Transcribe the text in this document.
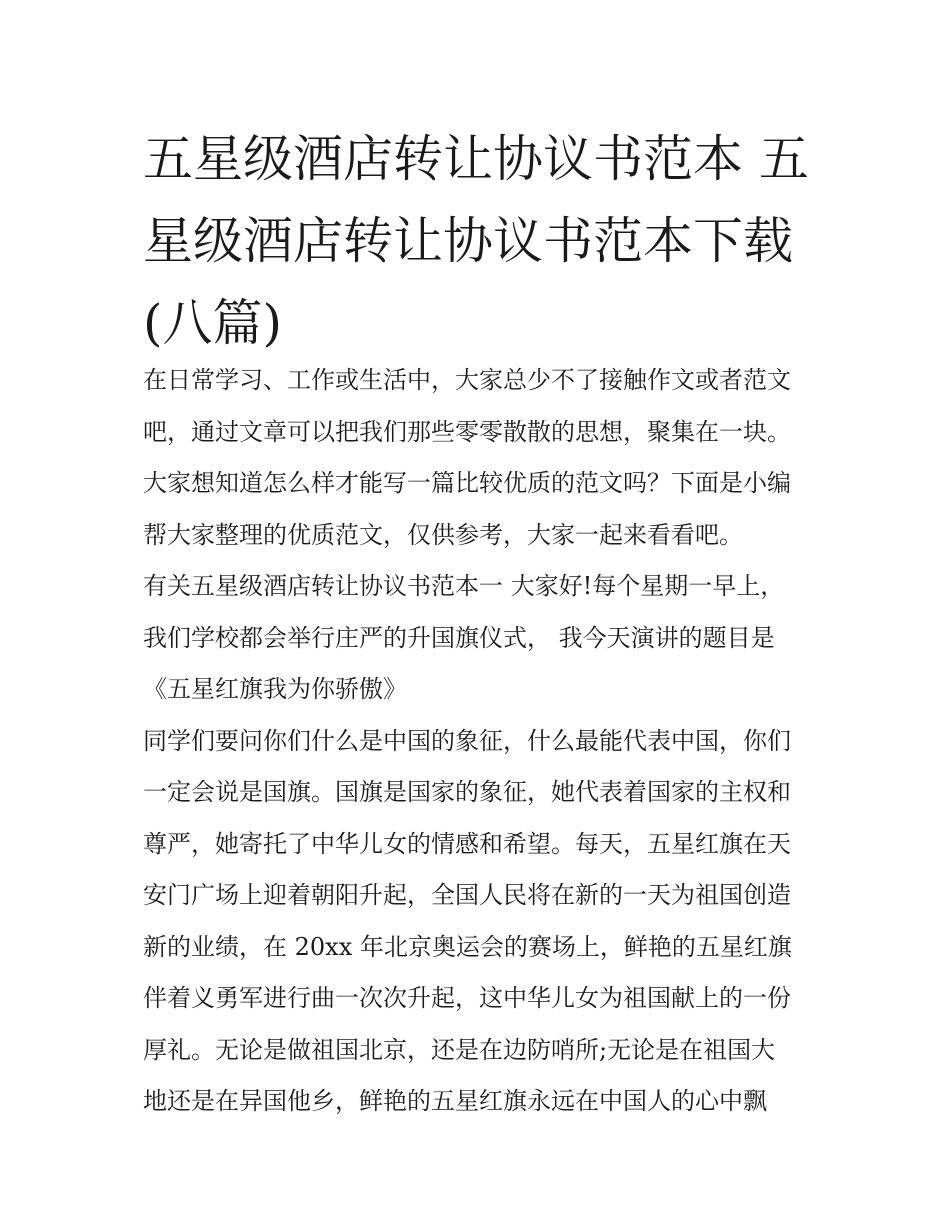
五星级酒店转让协议书范本 五
星级酒店转让协议书范本下载
(八篇)
在日常学习、工作或生活中，大家总少不了接触作文或者范文
吧，通过文章可以把我们那些零零散散的思想，聚集在一块。
大家想知道怎么样才能写一篇比较优质的范文吗？下面是小编
帮大家整理的优质范文，仅供参考，大家一起来看看吧。
有关五星级酒店转让协议书范本一 大家好!每个星期一早上，
我们学校都会举行庄严的升国旗仪式， 我今天演讲的题目是
《五星红旗我为你骄傲》
同学们要问你们什么是中国的象征，什么最能代表中国，你们
一定会说是国旗。国旗是国家的象征，她代表着国家的主权和
尊严，她寄托了中华儿女的情感和希望。每天，五星红旗在天
安门广场上迎着朝阳升起，全国人民将在新的一天为祖国创造
新的业绩，在 20xx 年北京奥运会的赛场上，鲜艳的五星红旗
伴着义勇军进行曲一次次升起，这中华儿女为祖国献上的一份
厚礼。无论是做祖国北京，还是在边防哨所;无论是在祖国大
地还是在异国他乡，鲜艳的五星红旗永远在中国人的心中飘
